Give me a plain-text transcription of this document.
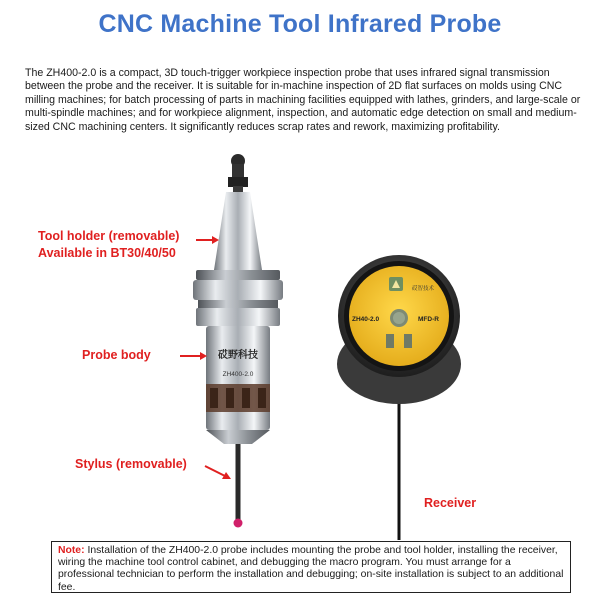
CNC Machine Tool Infrared Probe
The ZH400-2.0 is a compact, 3D touch-trigger workpiece inspection probe that uses infrared signal transmission between the probe and the receiver. It is suitable for in-machine inspection of 2D flat surfaces on molds using CNC milling machines; for batch processing of parts in machining facilities equipped with lathes, grinders, and large-scale or multi-spindle machines; and for workpiece alignment, inspection, and automatic edge detection on small and medium-sized CNC machining centers. It significantly reduces scrap rates and rework, maximizing profitability.
砹野科技
ZH400-2.0
砹智技术
ZH40-2.0	MFD-R
Tool holder (removable)
Available in BT30/40/50
Probe body
Stylus (removable)
Receiver
Note: Installation of the ZH400-2.0 probe includes mounting the probe and tool holder, installing the receiver, wiring the machine tool control cabinet, and debugging the macro program. You must arrange for a professional technician to perform the installation and debugging; on-site installation is subject to an additional fee.
